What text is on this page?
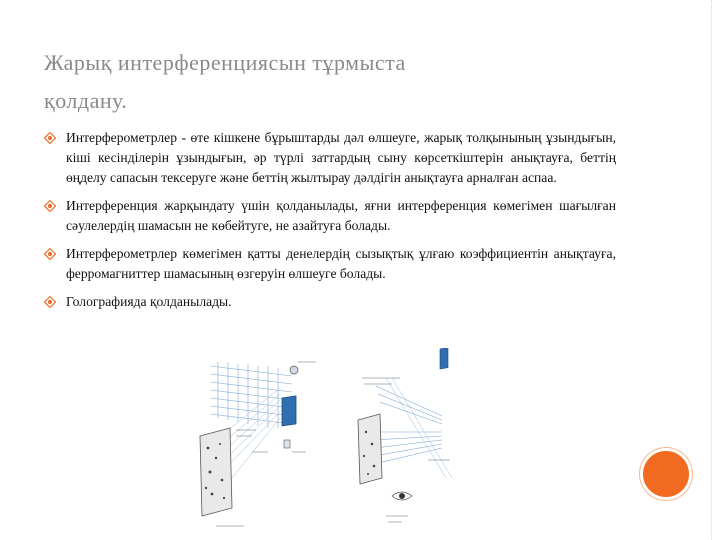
Жарық интерференциясын тұрмыста
қолдану.
Интерферометрлер - өте кішкене бұрыштарды дәл өлшеуге, жарық толқынының ұзындығын, кіші кесінділерін ұзындығын, әр түрлі заттардың сыну көрсеткіштерін анықтауға, беттің өңделу сапасын тексеруге және беттің жылтырау дәлдігін анықтауға арналған аспаа.
Интерференция жарқындату үшін қолданылады, яғни интерференция көмегімен шағылған сәулелердің шамасын не көбейтуге, не азайтуға болады.
Интерферометрлер көмегімен қатты денелердің сызықтық ұлғаю коэффициентін анықтауға, ферромагниттер шамасының өзгеруін өлшеуге болады.
Голографияда қолданылады.
